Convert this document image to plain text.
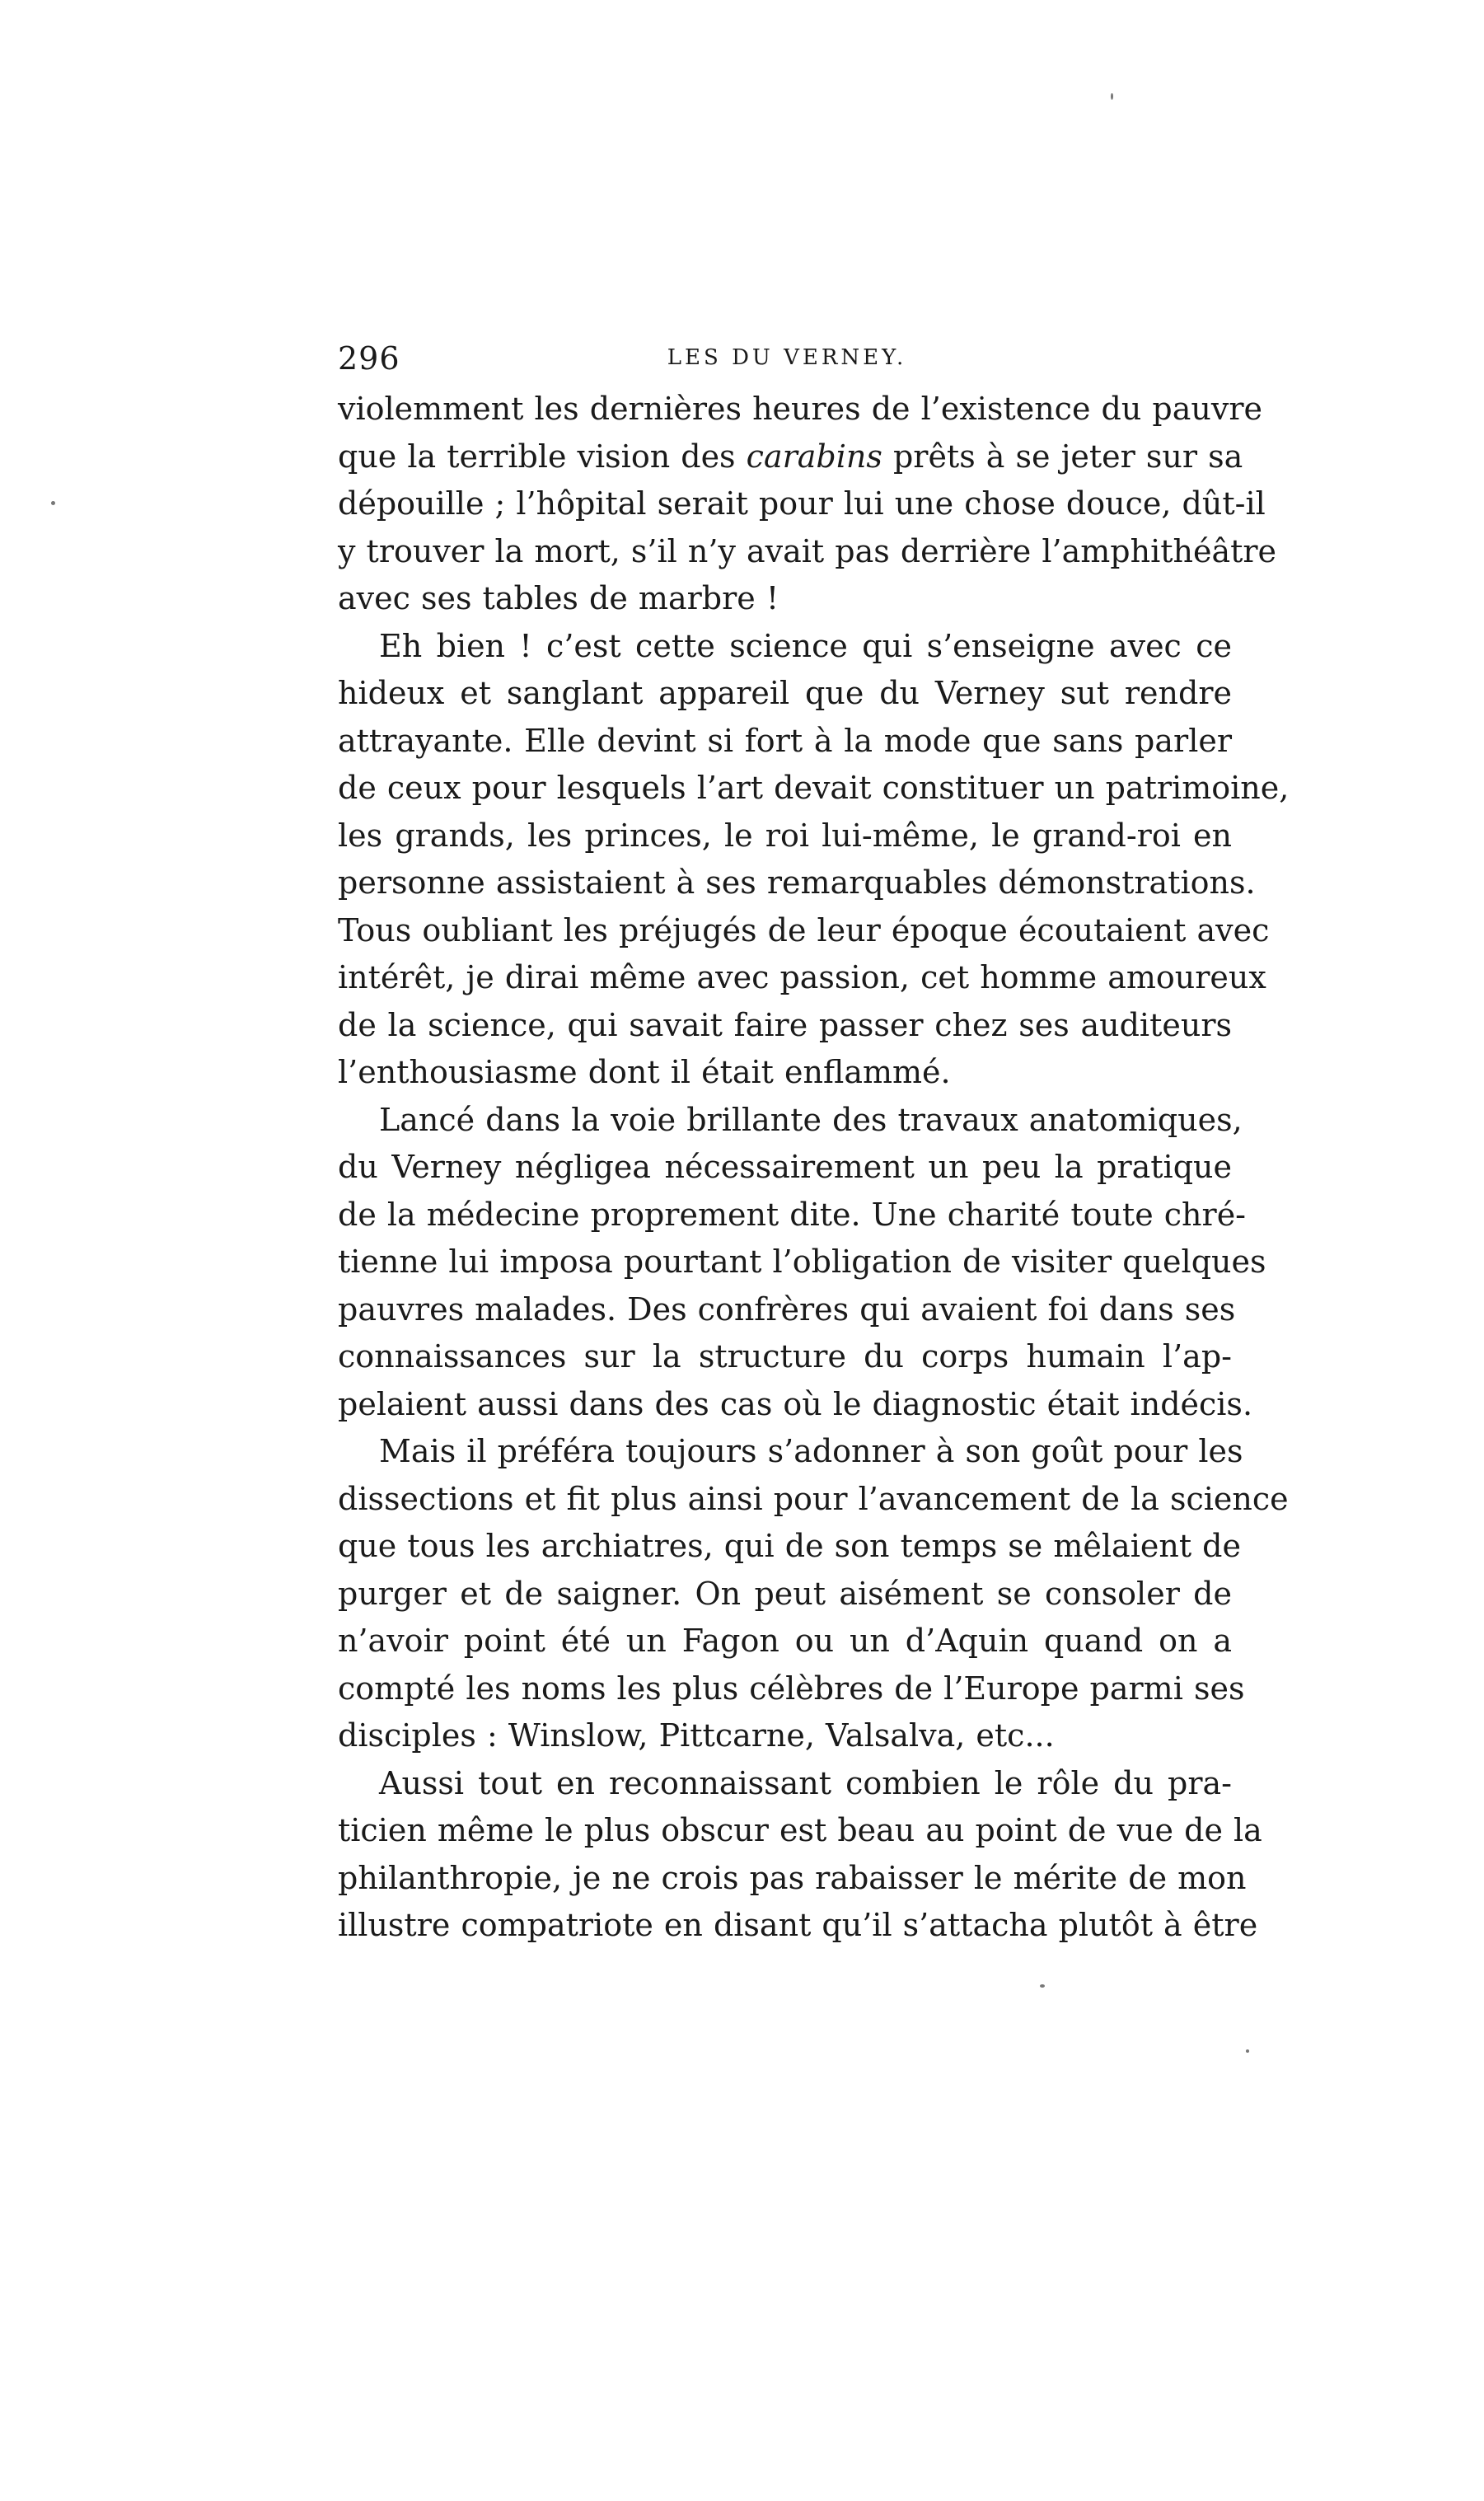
296	LES DU VERNEY.

violemment les dernières heures de l’existence du pauvre
que la terrible vision des carabins prêts à se jeter sur sa
dépouille ; l’hôpital serait pour lui une chose douce, dût-il
y trouver la mort, s’il n’y avait pas derrière l’amphithéâtre
avec ses tables de marbre !

Eh bien ! c’est cette science qui s’enseigne avec ce
hideux et sanglant appareil que du Verney sut rendre
attrayante. Elle devint si fort à la mode que sans parler
de ceux pour lesquels l’art devait constituer un patrimoine,
les grands, les princes, le roi lui-même, le grand-roi en
personne assistaient à ses remarquables démonstrations.
Tous oubliant les préjugés de leur époque écoutaient avec
intérêt, je dirai même avec passion, cet homme amoureux
de la science, qui savait faire passer chez ses auditeurs
l’enthousiasme dont il était enflammé.

Lancé dans la voie brillante des travaux anatomiques,
du Verney négligea nécessairement un peu la pratique
de la médecine proprement dite. Une charité toute chré-
tienne lui imposa pourtant l’obligation de visiter quelques
pauvres malades. Des confrères qui avaient foi dans ses
connaissances sur la structure du corps humain l’ap-
pelaient aussi dans des cas où le diagnostic était indécis.

Mais il préféra toujours s’adonner à son goût pour les
dissections et fit plus ainsi pour l’avancement de la science
que tous les archiatres, qui de son temps se mêlaient de
purger et de saigner. On peut aisément se consoler de
n’avoir point été un Fagon ou un d’Aquin quand on a
compté les noms les plus célèbres de l’Europe parmi ses
disciples : Winslow, Pittcarne, Valsalva, etc...

Aussi tout en reconnaissant combien le rôle du pra-
ticien même le plus obscur est beau au point de vue de la
philanthropie, je ne crois pas rabaisser le mérite de mon
illustre compatriote en disant qu’il s’attacha plutôt à être
